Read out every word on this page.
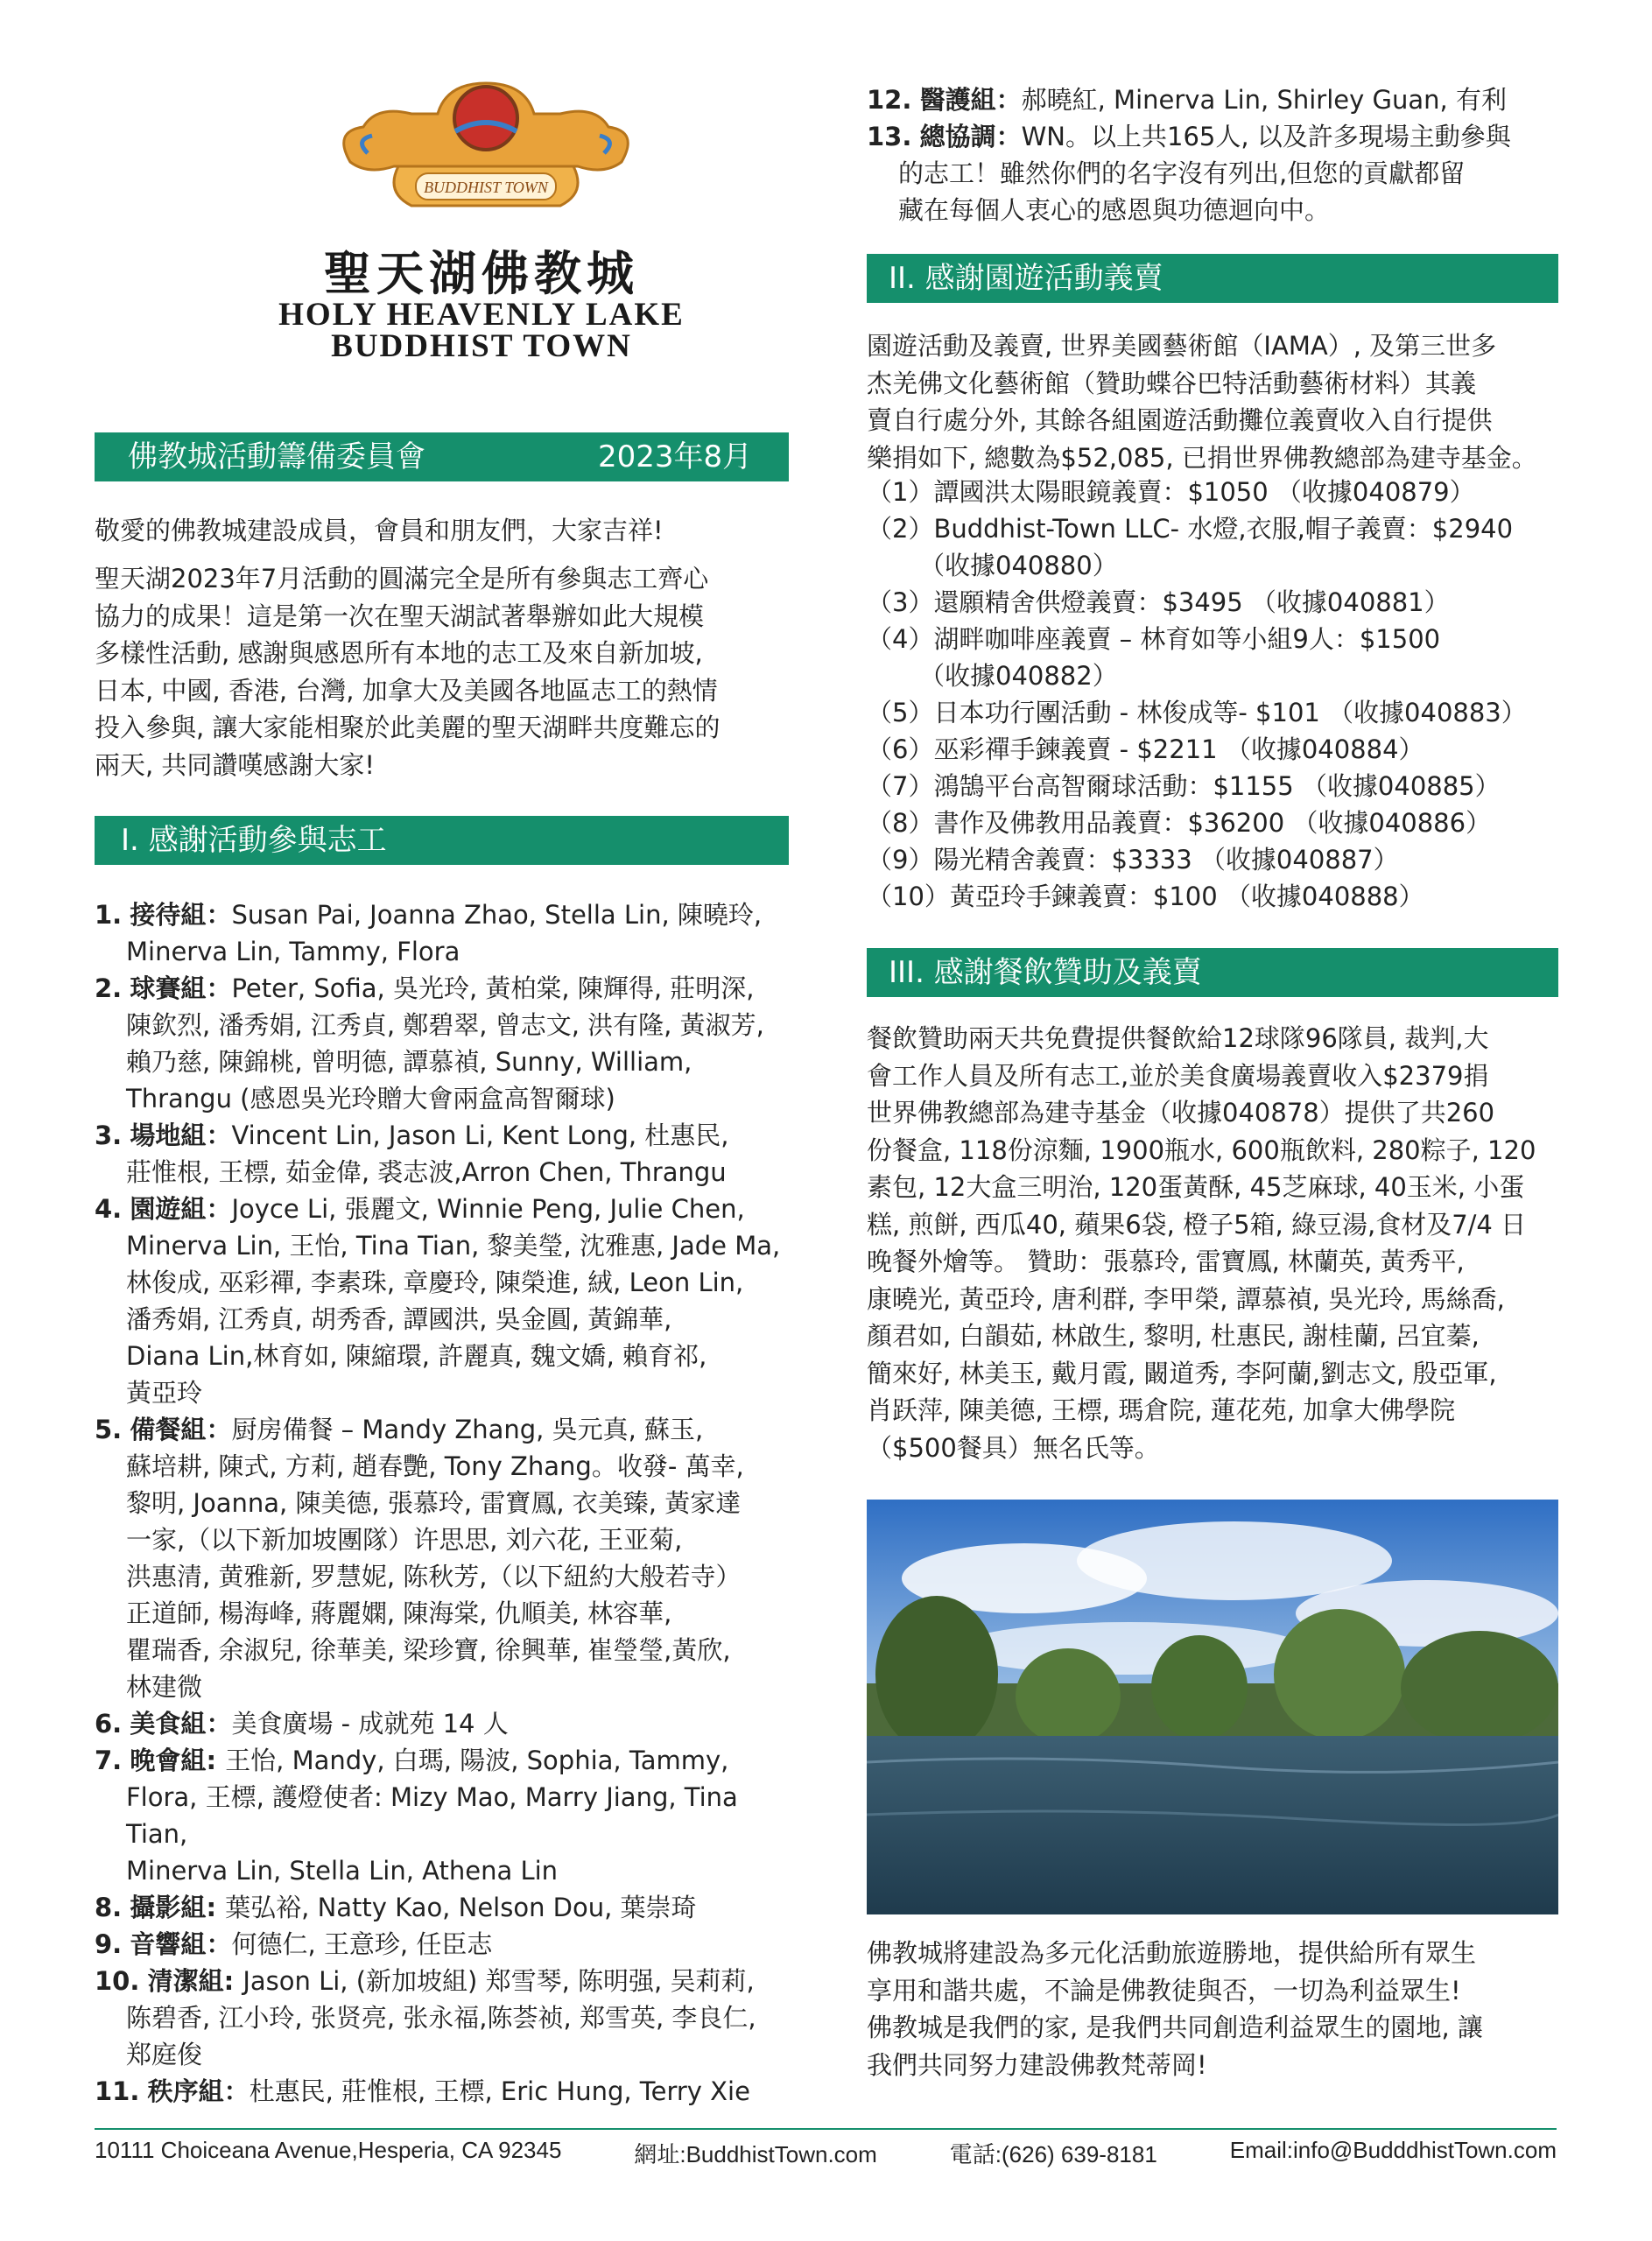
BUDDHIST TOWN
聖天湖佛教城
HOLY HEAVENLY LAKE
BUDDHIST TOWN
佛教城活動籌備委員會	2023年8月

敬愛的佛教城建設成員，會員和朋友們，大家吉祥!

聖天湖2023年7月活動的圓滿完全是所有參與志工齊心
協力的成果！這是第一次在聖天湖試著舉辦如此大規模
多樣性活動, 感謝與感恩所有本地的志工及來自新加坡,
日本, 中國, 香港, 台灣, 加拿大及美國各地區志工的熱情
投入參與, 讓大家能相聚於此美麗的聖天湖畔共度難忘的
兩天, 共同讚嘆感謝大家!
I. 感謝活動參與志工
1. 接待組：Susan Pai, Joanna Zhao, Stella Lin, 陳曉玲,
Minerva Lin, Tammy, Flora
2. 球賽組：Peter, Sofia, 吳光玲, 黃柏棠, 陳輝得, 莊明深,
陳欽烈, 潘秀娟, 江秀貞, 鄭碧翠, 曾志文, 洪有隆, 黃淑芳,
賴乃慈, 陳錦桃, 曾明德, 譚慕禎, Sunny, William,
Thrangu (感恩吳光玲贈大會兩盒高智爾球)
3. 場地組：Vincent Lin, Jason Li, Kent Long, 杜惠民,
莊惟根, 王標, 茹金偉, 裘志波,Arron Chen, Thrangu
4. 園遊組：Joyce Li, 張麗文, Winnie Peng, Julie Chen,
Minerva Lin, 王怡, Tina Tian, 黎美瑩, 沈雅惠, Jade Ma,
林俊成, 巫彩禪, 李素珠, 章慶玲, 陳榮進, 絨, Leon Lin,
潘秀娟, 江秀貞, 胡秀香, 譚國洪, 吳金圓, 黃錦華,
Diana Lin,林育如, 陳縮環, 許麗真, 魏文嬌, 賴育祁,
黃亞玲
5. 備餐組：厨房備餐 – Mandy Zhang, 吳元真, 蘇玉,
蘇培耕, 陳式, 方莉, 趙春艷, Tony Zhang。收發- 萬幸,
黎明, Joanna, 陳美德, 張慕玲, 雷寶鳳, 衣美臻, 黃家達
一家,（以下新加坡團隊）许思思, 刘六花, 王亚菊,
洪惠清, 黄雅新, 罗慧妮, 陈秋芳,（以下紐約大般若寺）
正道師, 楊海峰, 蔣麗嫻, 陳海棠, 仇順美, 林容華,
瞿瑞香, 余淑兒, 徐華美, 梁珍寶, 徐興華, 崔瑩瑩,黃欣,
林建微
6. 美食組：美食廣場 - 成就苑 14 人
7. 晚會組: 王怡, Mandy, 白瑪, 陽波, Sophia, Tammy,
Flora, 王標, 護燈使者: Mizy Mao, Marry Jiang, Tina Tian,
Minerva Lin, Stella Lin, Athena Lin
8. 攝影組: 葉弘裕, Natty Kao, Nelson Dou, 葉崇琦
9. 音響組：何德仁, 王意珍, 任臣志
10. 清潔組: Jason Li, (新加坡組) 郑雪琴, 陈明强, 吴莉莉,
陈碧香, 江小玲, 张贤亮, 张永福,陈荟祯, 郑雪英, 李良仁,
郑庭俊
11. 秩序組：杜惠民, 莊惟根, 王標, Eric Hung, Terry Xie
12. 醫護組：郝曉紅, Minerva Lin, Shirley Guan, 有利
13. 總協調：WN。以上共165人, 以及許多現場主動參與
的志工！雖然你們的名字沒有列出,但您的貢獻都留
藏在每個人衷心的感恩與功德迴向中。
II. 感謝園遊活動義賣
園遊活動及義賣, 世界美國藝術館（IAMA）, 及第三世多
杰羌佛文化藝術館（贊助蝶谷巴特活動藝術材料）其義
賣自行處分外, 其餘各組園遊活動攤位義賣收入自行提供
樂捐如下, 總數為$52,085, 已捐世界佛教總部為建寺基金。
（1）譚國洪太陽眼鏡義賣：$1050 （收據040879）
（2）Buddhist-Town LLC- 水燈,衣服,帽子義賣：$2940
（收據040880）
（3）還願精舍供燈義賣：$3495 （收據040881）
（4）湖畔咖啡座義賣 – 林育如等小組9人：$1500
（收據040882）
（5）日本功行團活動 - 林俊成等- $101 （收據040883）
（6）巫彩禪手鍊義賣 - $2211 （收據040884）
（7）鴻鵠平台高智爾球活動：$1155 （收據040885）
（8）書作及佛教用品義賣：$36200 （收據040886）
（9）陽光精舍義賣：$3333 （收據040887）
（10）黃亞玲手鍊義賣：$100 （收據040888）
III. 感謝餐飲贊助及義賣
餐飲贊助兩天共免費提供餐飲給12球隊96隊員, 裁判,大
會工作人員及所有志工,並於美食廣場義賣收入$2379捐
世界佛教總部為建寺基金（收據040878）提供了共260
份餐盒, 118份涼麵, 1900瓶水, 600瓶飲料, 280粽子, 120
素包, 12大盒三明治, 120蛋黃酥, 45芝麻球, 40玉米, 小蛋
糕, 煎餅, 西瓜40, 蘋果6袋, 橙子5箱, 綠豆湯,食材及7/4 日
晚餐外燴等。 贊助：張慕玲, 雷寶鳳, 林蘭英, 黃秀平,
康曉光, 黃亞玲, 唐利群, 李甲榮, 譚慕禎, 吳光玲, 馬絲喬,
顏君如, 白韻茹, 林啟生, 黎明, 杜惠民, 謝桂蘭, 呂宜蓁,
簡來好, 林美玉, 戴月霞, 闞道秀, 李阿蘭,劉志文, 殷亞軍,
肖跃萍, 陳美德, 王標, 瑪倉院, 蓮花苑, 加拿大佛學院
（$500餐具）無名氏等。
佛教城將建設為多元化活動旅遊勝地，提供給所有眾生
享用和諧共處，不論是佛教徒與否，一切為利益眾生!
佛教城是我們的家, 是我們共同創造利益眾生的園地, 讓
我們共同努力建設佛教梵蒂岡!
10111 Choiceana Avenue,Hesperia, CA 92345	網址:BuddhistTown.com	電話:(626) 639-8181	Email:info@BudddhistTown.com
